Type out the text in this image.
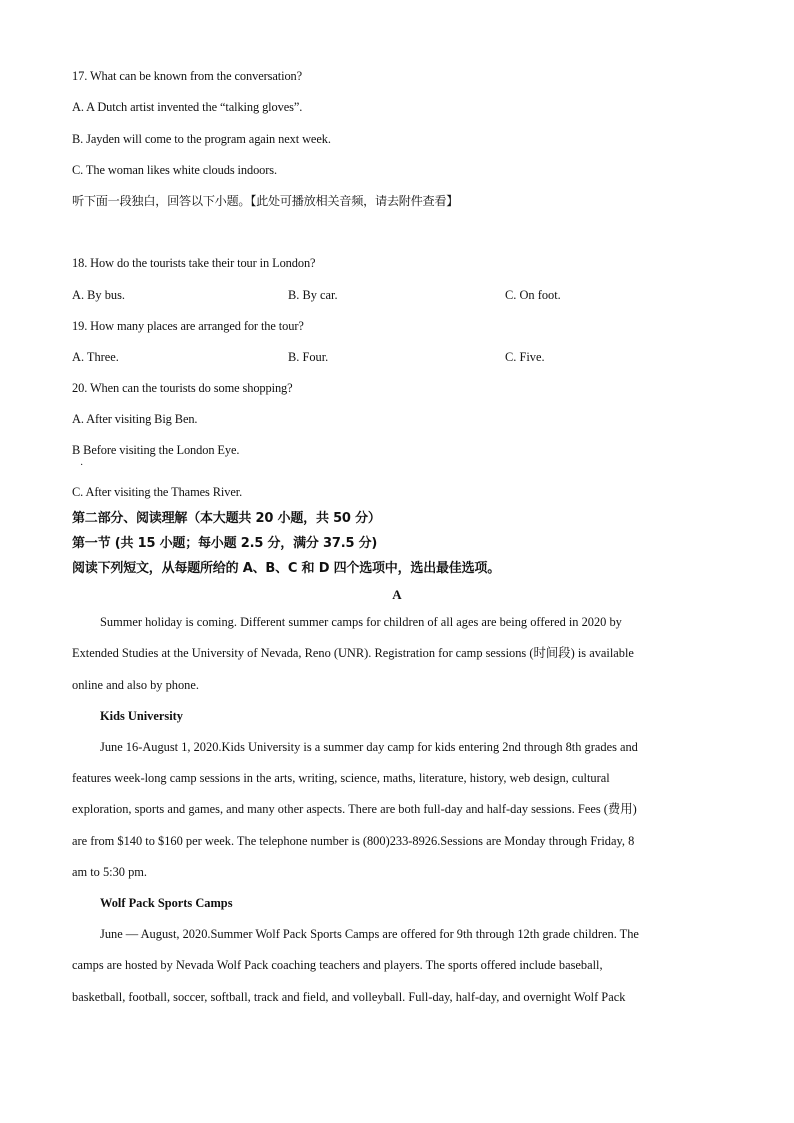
17. What can be known from the conversation?
A. A Dutch artist invented the “talking gloves”.
B. Jayden will come to the program again next week.
C. The woman likes white clouds indoors.
听下面一段独白，回答以下小题。【此处可播放相关音频，请去附件查看】
18. How do the tourists take their tour in London?
A. By bus.	B. By car.	C. On foot.
19. How many places are arranged for the tour?
A. Three.	B. Four.	C. Five.
20. When can the tourists do some shopping?
A. After visiting Big Ben.
B Before visiting the London Eye.
·
C. After visiting the Thames River.
第二部分、阅读理解（本大题共 20 小题，共 50 分）
第一节 (共 15 小题；每小题 2.5 分，满分 37.5 分)
阅读下列短文，从每题所给的 A、B、C 和 D 四个选项中，选出最佳选项。
A
Summer holiday is coming. Different summer camps for children of all ages are being offered in 2020 by
Extended Studies at the University of Nevada, Reno (UNR). Registration for camp sessions (时间段) is available
online and also by phone.
Kids University
June 16-August 1, 2020.Kids University is a summer day camp for kids entering 2nd through 8th grades and
features week-long camp sessions in the arts, writing, science, maths, literature, history, web design, cultural
exploration, sports and games, and many other aspects. There are both full-day and half-day sessions. Fees (费用)
are from $140 to $160 per week. The telephone number is (800)233-8926.Sessions are Monday through Friday, 8
am to 5:30 pm.
Wolf Pack Sports Camps
June — August, 2020.Summer Wolf Pack Sports Camps are offered for 9th through 12th grade children. The
camps are hosted by Nevada Wolf Pack coaching teachers and players. The sports offered include baseball,
basketball, football, soccer, softball, track and field, and volleyball. Full-day, half-day, and overnight Wolf Pack
